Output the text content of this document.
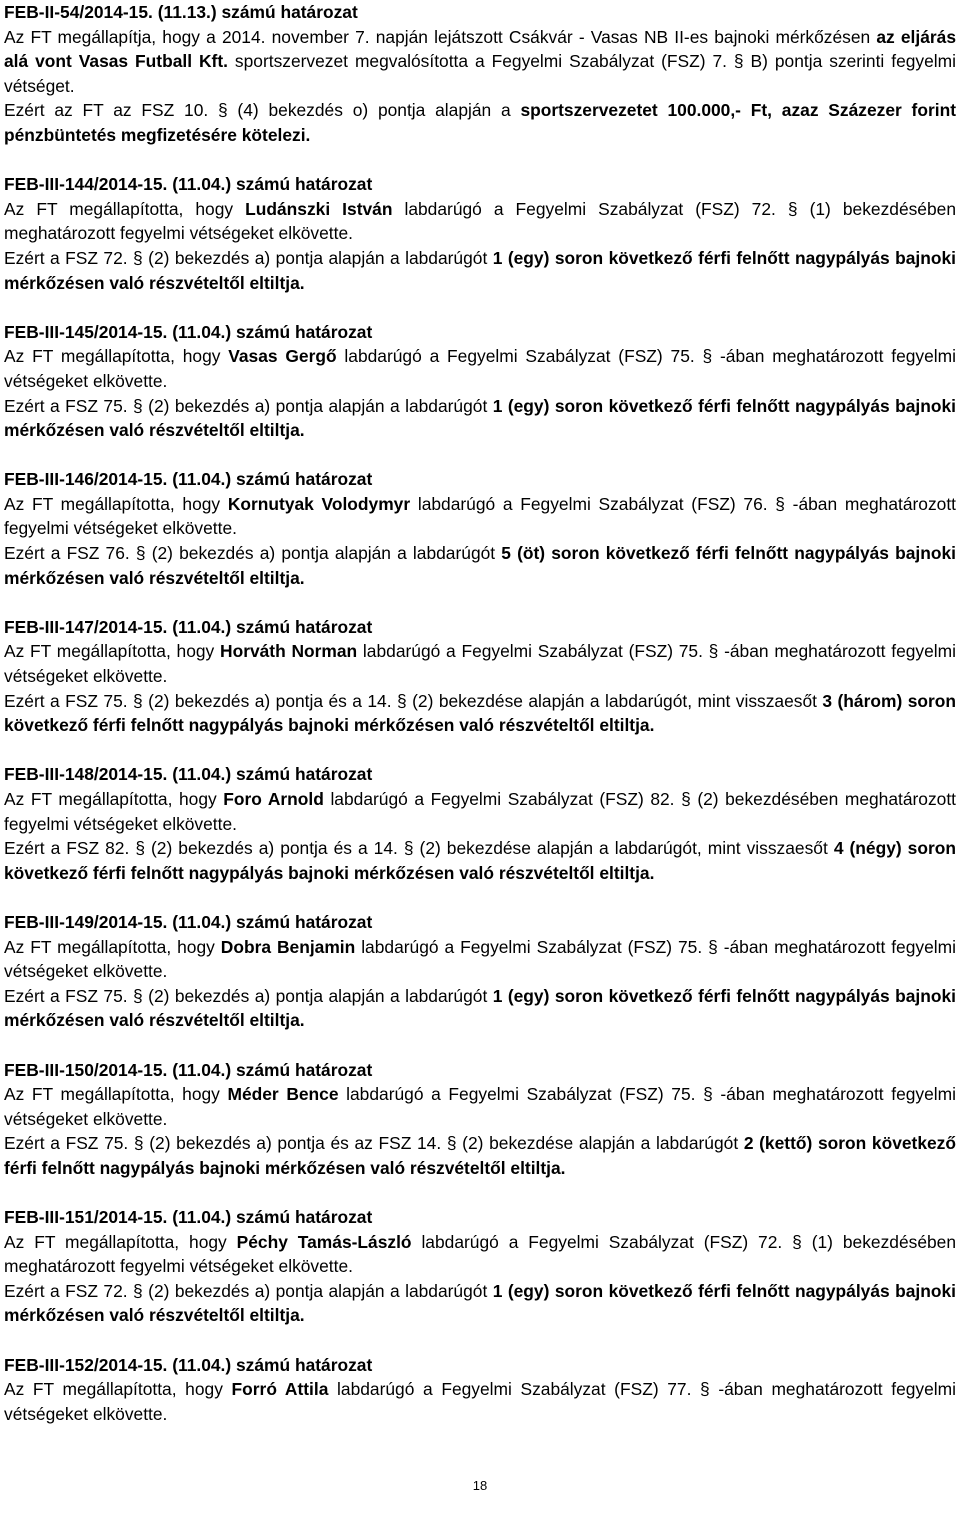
FEB-II-54/2014-15. (11.13.) számú határozat

Az FT megállapítja, hogy a 2014. november 7. napján lejátszott Csákvár - Vasas NB II-es bajnoki mérkőzésen az eljárás alá vont Vasas Futball Kft. sportszervezet megvalósította a Fegyelmi Szabályzat (FSZ) 7. § B) pontja szerinti fegyelmi vétséget.

Ezért az FT az FSZ 10. § (4) bekezdés o) pontja alapján a sportszervezetet 100.000,- Ft, azaz Százezer forint pénzbüntetés megfizetésére kötelezi.

FEB-III-144/2014-15. (11.04.) számú határozat

Az FT megállapította, hogy Ludánszki István labdarúgó a Fegyelmi Szabályzat (FSZ) 72. § (1) bekezdésében meghatározott fegyelmi vétségeket elkövette.

Ezért a FSZ 72. § (2) bekezdés a) pontja alapján a labdarúgót 1 (egy) soron következő férfi felnőtt nagypályás bajnoki mérkőzésen való részvételtől eltiltja.

FEB-III-145/2014-15. (11.04.) számú határozat

Az FT megállapította, hogy Vasas Gergő labdarúgó a Fegyelmi Szabályzat (FSZ) 75. § -ában meghatározott fegyelmi vétségeket elkövette.

Ezért a FSZ 75. § (2) bekezdés a) pontja alapján a labdarúgót 1 (egy) soron következő férfi felnőtt nagypályás bajnoki mérkőzésen való részvételtől eltiltja.

FEB-III-146/2014-15. (11.04.) számú határozat

Az FT megállapította, hogy Kornutyak Volodymyr labdarúgó a Fegyelmi Szabályzat (FSZ) 76. § -ában meghatározott fegyelmi vétségeket elkövette.

Ezért a FSZ 76. § (2) bekezdés a) pontja alapján a labdarúgót 5 (öt) soron következő férfi felnőtt nagypályás bajnoki mérkőzésen való részvételtől eltiltja.

FEB-III-147/2014-15. (11.04.) számú határozat

Az FT megállapította, hogy Horváth Norman labdarúgó a Fegyelmi Szabályzat (FSZ) 75. § -ában meghatározott fegyelmi vétségeket elkövette.

Ezért a FSZ 75. § (2) bekezdés a) pontja és a 14. § (2) bekezdése alapján a labdarúgót, mint visszaesőt 3 (három) soron következő férfi felnőtt nagypályás bajnoki mérkőzésen való részvételtől eltiltja.

FEB-III-148/2014-15. (11.04.) számú határozat

Az FT megállapította, hogy Foro Arnold labdarúgó a Fegyelmi Szabályzat (FSZ) 82. § (2) bekezdésében meghatározott fegyelmi vétségeket elkövette.

Ezért a FSZ 82. § (2) bekezdés a) pontja és a 14. § (2) bekezdése alapján a labdarúgót, mint visszaesőt 4 (négy) soron következő férfi felnőtt nagypályás bajnoki mérkőzésen való részvételtől eltiltja.

FEB-III-149/2014-15. (11.04.) számú határozat

Az FT megállapította, hogy Dobra Benjamin labdarúgó a Fegyelmi Szabályzat (FSZ) 75. § -ában meghatározott fegyelmi vétségeket elkövette.

Ezért a FSZ 75. § (2) bekezdés a) pontja alapján a labdarúgót 1 (egy) soron következő férfi felnőtt nagypályás bajnoki mérkőzésen való részvételtől eltiltja.

FEB-III-150/2014-15. (11.04.) számú határozat

Az FT megállapította, hogy Méder Bence labdarúgó a Fegyelmi Szabályzat (FSZ) 75. § -ában meghatározott fegyelmi vétségeket elkövette.

Ezért a FSZ 75. § (2) bekezdés a) pontja és az FSZ 14. § (2) bekezdése alapján a labdarúgót 2 (kettő) soron következő férfi felnőtt nagypályás bajnoki mérkőzésen való részvételtől eltiltja.

FEB-III-151/2014-15. (11.04.) számú határozat

Az FT megállapította, hogy Péchy Tamás-László labdarúgó a Fegyelmi Szabályzat (FSZ) 72. § (1) bekezdésében meghatározott fegyelmi vétségeket elkövette.

Ezért a FSZ 72. § (2) bekezdés a) pontja alapján a labdarúgót 1 (egy) soron következő férfi felnőtt nagypályás bajnoki mérkőzésen való részvételtől eltiltja.

FEB-III-152/2014-15. (11.04.) számú határozat

Az FT megállapította, hogy Forró Attila labdarúgó a Fegyelmi Szabályzat (FSZ) 77. § -ában meghatározott fegyelmi vétségeket elkövette.

18
